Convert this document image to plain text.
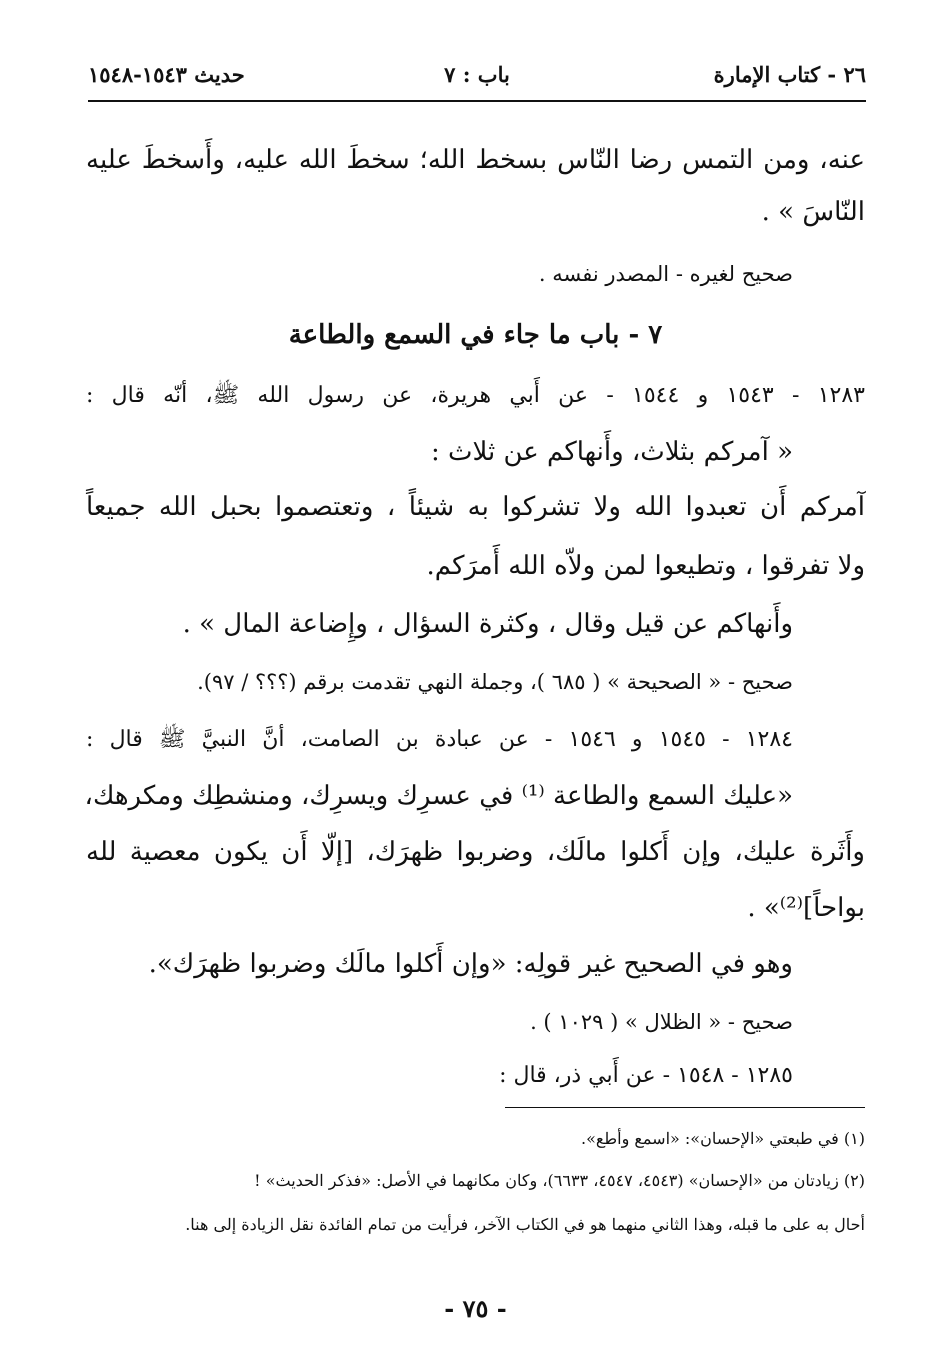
٢٦ - كتاب الإمارة
باب : ٧
حديث ١٥٤٣-١٥٤٨
عنه، ومن التمس رضا النّاس بسخط الله؛ سخطَ الله عليه، وأَسخطَ عليه
النّاسَ » .
صحيح لغيره - المصدر نفسه .
٧ - باب ما جاء في السمع والطاعة
١٢٨٣ - ١٥٤٣ و ١٥٤٤ - عن أَبي هريرة، عن رسول الله ﷺ، أنّه قال :
« آمركم بثلاث، وأَنهاكم عن ثلاث :
آمركم أَن تعبدوا الله ولا تشركوا به شيئاً ، وتعتصموا بحبل الله جميعاً
ولا تفرقوا ، وتطيعوا لمن ولاّه الله أَمرَكم.
وأَنهاكم عن قيل وقال ، وكثرة السؤال ، وإِضاعة المال » .
صحيح - « الصحيحة » ( ٦٨٥ )، وجملة النهي تقدمت برقم (؟؟؟ / ٩٧).
١٢٨٤ - ١٥٤٥ و ١٥٤٦ - عن عبادة بن الصامت، أنَّ النبيَّ ﷺ قال :
«عليك السمع والطاعة ⁽¹⁾ في عسرِك ويسرِك، ومنشطِك ومكرهك،
وأَثَرة عليك، وإن أَكلوا مالَك، وضربوا ظهرَك، [إلّا أَن يكون معصية لله
بواحاً]⁽²⁾» .
وهو في الصحيح غير قولِه: «وإن أَكلوا مالَك وضربوا ظهرَك».
صحيح - « الظلال » ( ١٠٢٩ ) .
١٢٨٥ - ١٥٤٨ - عن أَبي ذر، قال :
(١) في طبعتي «الإحسان»: «اسمع وأطع».
(٢) زيادتان من «الإحسان» (٤٥٤٣، ٤٥٤٧، ٦٦٣٣)، وكان مكانهما في الأصل: «فذكر الحديث» !
أحال به على ما قبله، وهذا الثاني منهما هو في الكتاب الآخر، فرأيت من تمام الفائدة نقل الزيادة إلى هنا.
- ٧٥ -
